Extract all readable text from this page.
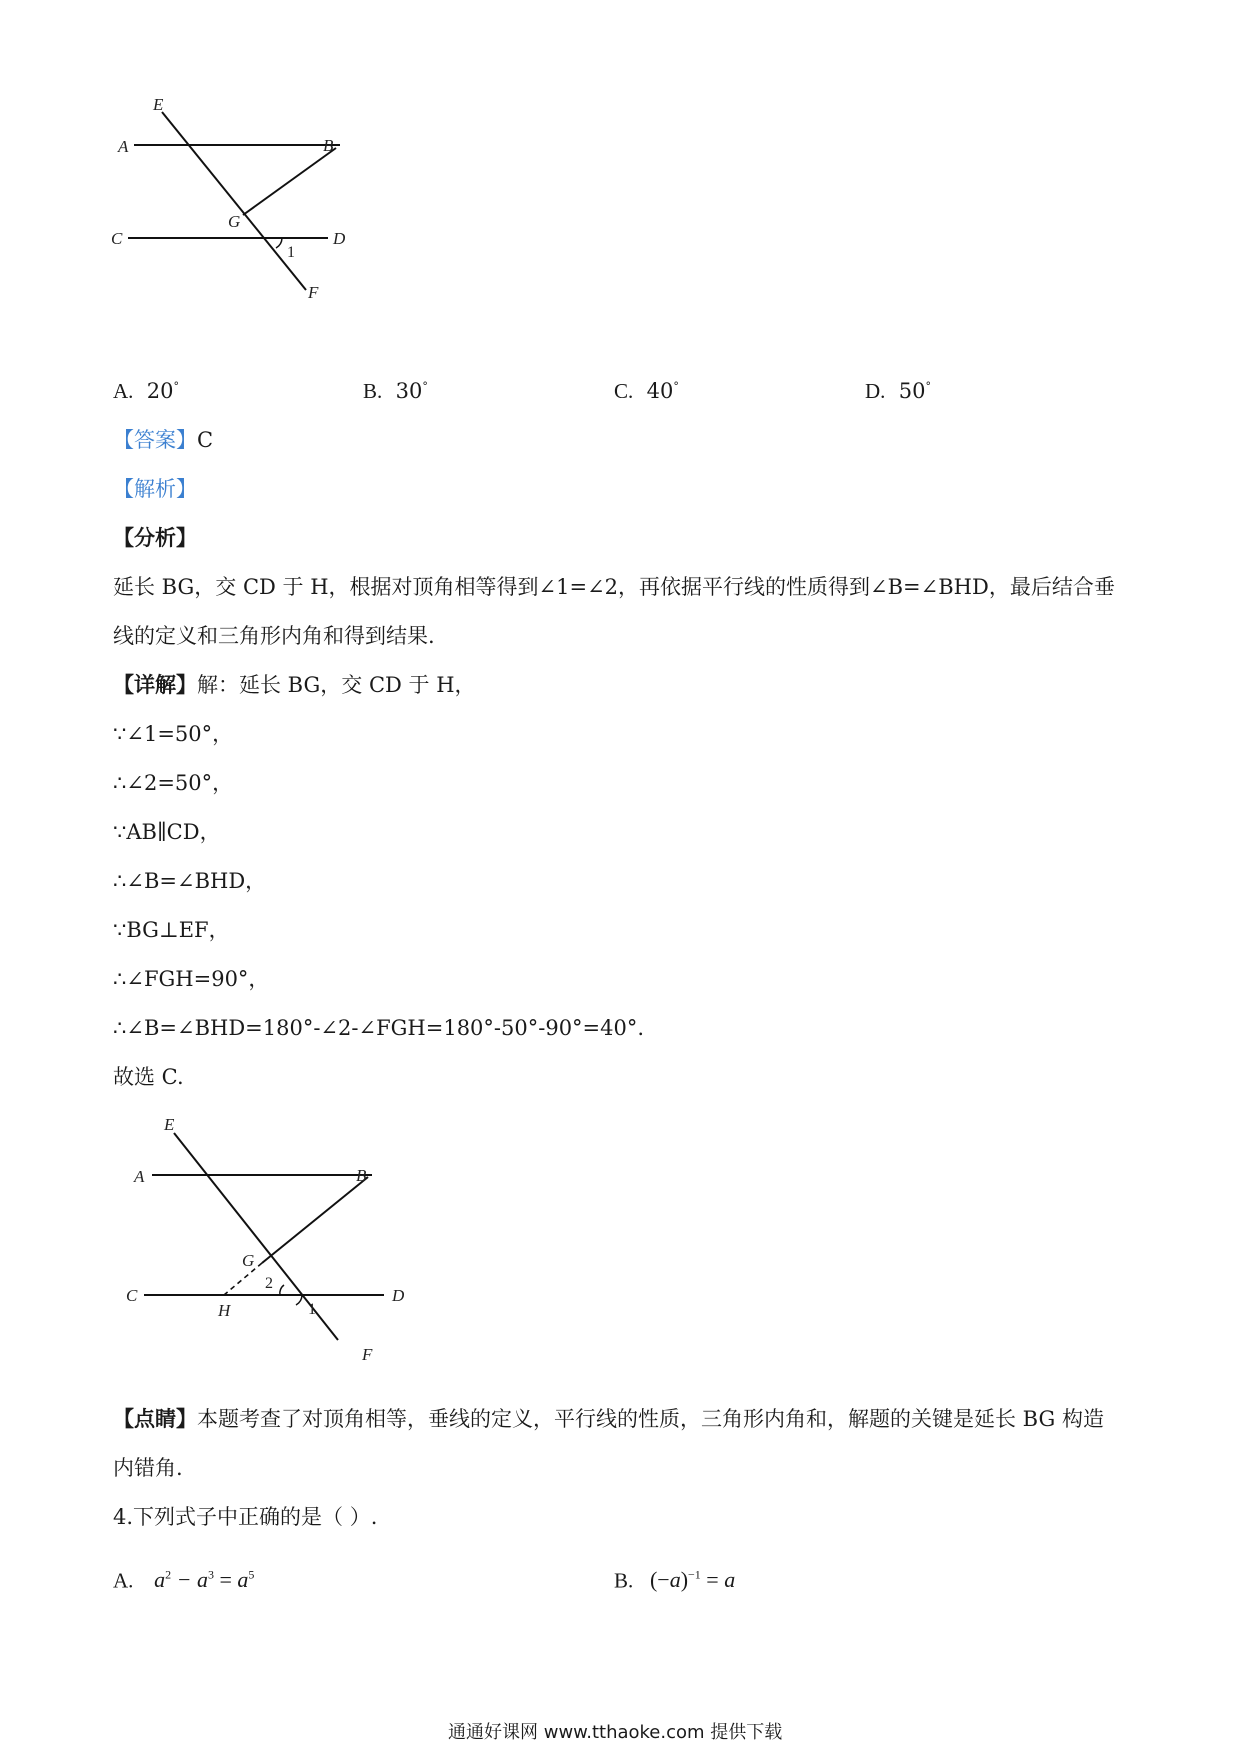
E
A	B
G
C	D
1
F
A. 20°	B. 30°	C. 40°	D. 50°
【答案】C
【解析】
【分析】
延长 BG，交 CD 于 H，根据对顶角相等得到∠1=∠2，再依据平行线的性质得到∠B=∠BHD，最后结合垂
线的定义和三角形内角和得到结果.
【详解】解：延长 BG，交 CD 于 H，
∵∠1=50°，
∴∠2=50°，
∵AB∥CD，
∴∠B=∠BHD，
∵BG⊥EF，
∴∠FGH=90°，
∴∠B=∠BHD=180°-∠2-∠FGH=180°-50°-90°=40°.
故选 C.
E
A	B
G
2
C	D
H	1
F
【点睛】本题考查了对顶角相等，垂线的定义，平行线的性质，三角形内角和，解题的关键是延长 BG 构造
内错角.
4.下列式子中正确的是（ ）.
A. $a^2 - a^3 = a^5$	B. $(-a)^{-1} = a$
通通好课网 www.tthaoke.com 提供下载
